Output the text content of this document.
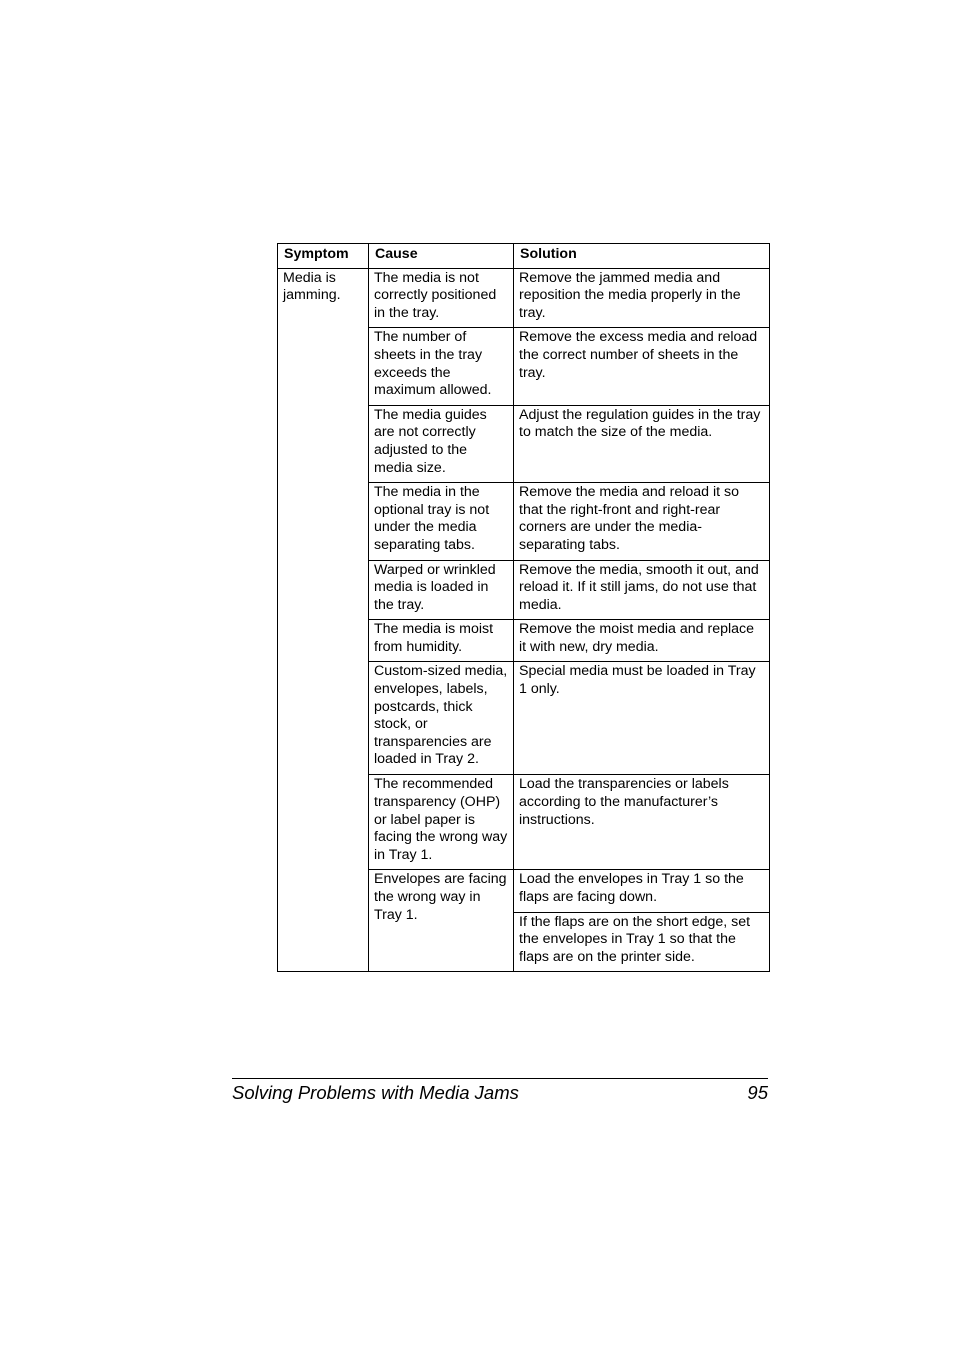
Symptom	Cause	Solution
Media is jamming.	The media is not correctly positioned in the tray.	Remove the jammed media and reposition the media properly in the tray.
	The number of sheets in the tray exceeds the maximum allowed.	Remove the excess media and reload the correct number of sheets in the tray.
	The media guides are not correctly adjusted to the media size.	Adjust the regulation guides in the tray to match the size of the media.
	The media in the optional tray is not under the media separating tabs.	Remove the media and reload it so that the right-front and right-rear corners are under the media-separating tabs.
	Warped or wrinkled media is loaded in the tray.	Remove the media, smooth it out, and reload it. If it still jams, do not use that media.
	The media is moist from humidity.	Remove the moist media and replace it with new, dry media.
	Custom-sized media, envelopes, labels, postcards, thick stock, or transparencies are loaded in Tray 2.	Special media must be loaded in Tray 1 only.
	The recommended transparency (OHP) or label paper is facing the wrong way in Tray 1.	Load the transparencies or labels according to the manufacturer’s instructions.
	Envelopes are facing the wrong way in Tray 1.	Load the envelopes in Tray 1 so the flaps are facing down.
		If the flaps are on the short edge, set the envelopes in Tray 1 so that the flaps are on the printer side.
Solving Problems with Media Jams	95
